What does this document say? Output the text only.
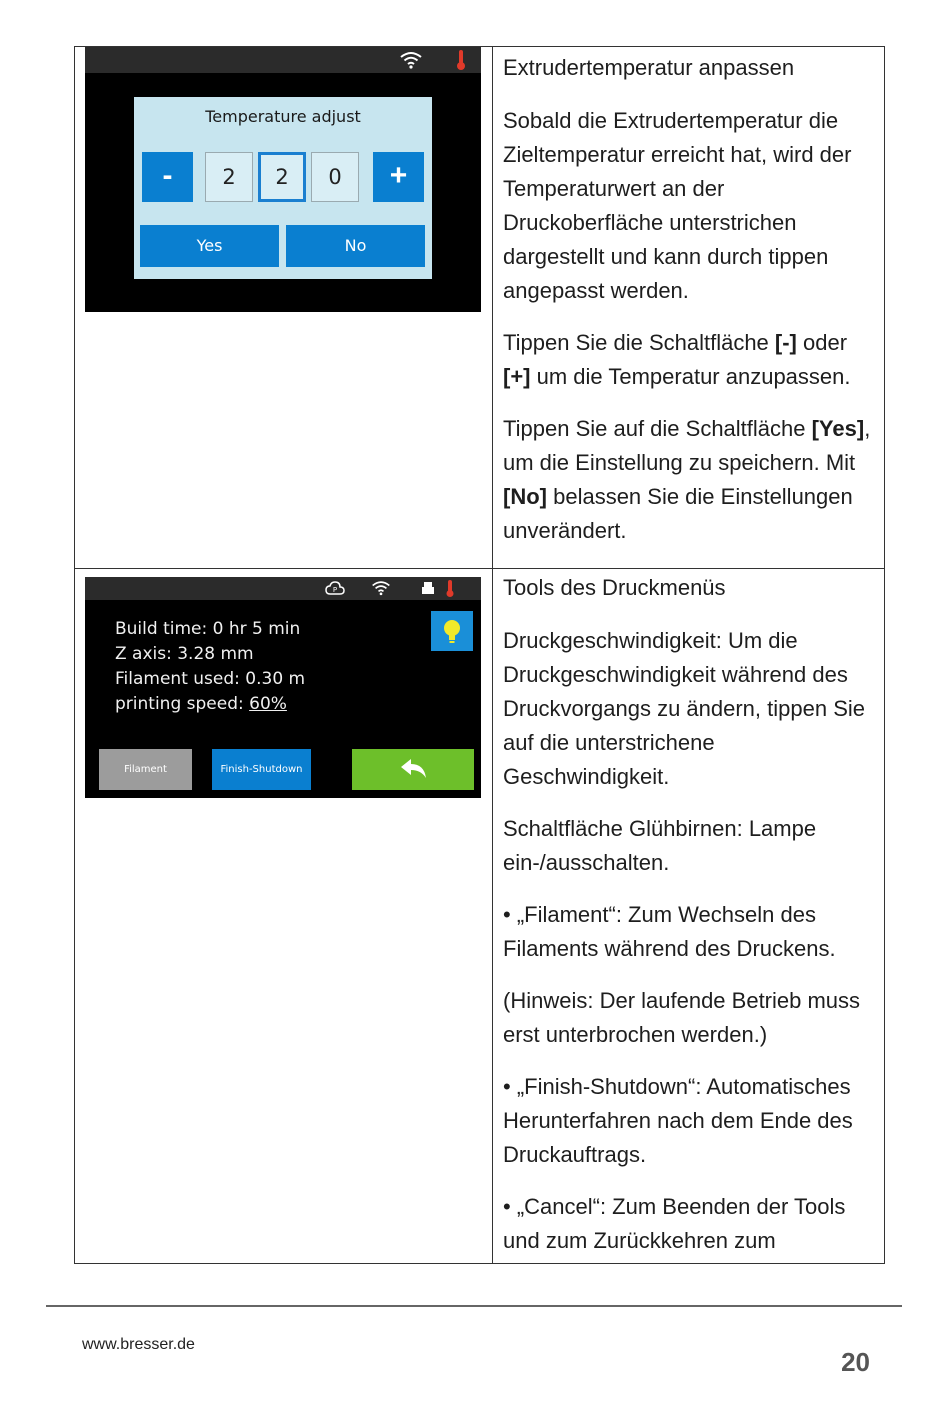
Extrudertemperatur anpassen

Sobald die Extrudertemperatur die Zieltemperatur erreicht hat, wird der Temperaturwert an der Druckoberfläche unterstrichen dargestellt und kann durch tippen angepasst werden.

Tippen Sie die Schaltfläche [-] oder [+] um die Temperatur anzupassen.

Tippen Sie auf die Schaltfläche [Yes], um die Einstellung zu speichern. Mit [No] belassen Sie die Einstellungen unverändert.

Tools des Druckmenüs

Druckgeschwindigkeit: Um die Druckgeschwindigkeit während des Druckvorgangs zu ändern, tippen Sie auf die unterstrichene Geschwindigkeit.

Schaltfläche Glühbirnen: Lampe ein-/ausschalten.

• „Filament“: Zum Wechseln des Filaments während des Druckens.

(Hinweis: Der laufende Betrieb muss erst unterbrochen werden.)

• „Finish-Shutdown“: Automatisches Herunterfahren nach dem Ende des Druckauftrags.

• „Cancel“: Zum Beenden der Tools und zum Zurückkehren zum

Temperature adjust
-	2	2	0	+
Yes	No
P
Build time: 0 hr 5 min
Z axis: 3.28 mm
Filament used: 0.30 m
printing speed: 60%
Filament	Finish-Shutdown
www.bresser.de
20
